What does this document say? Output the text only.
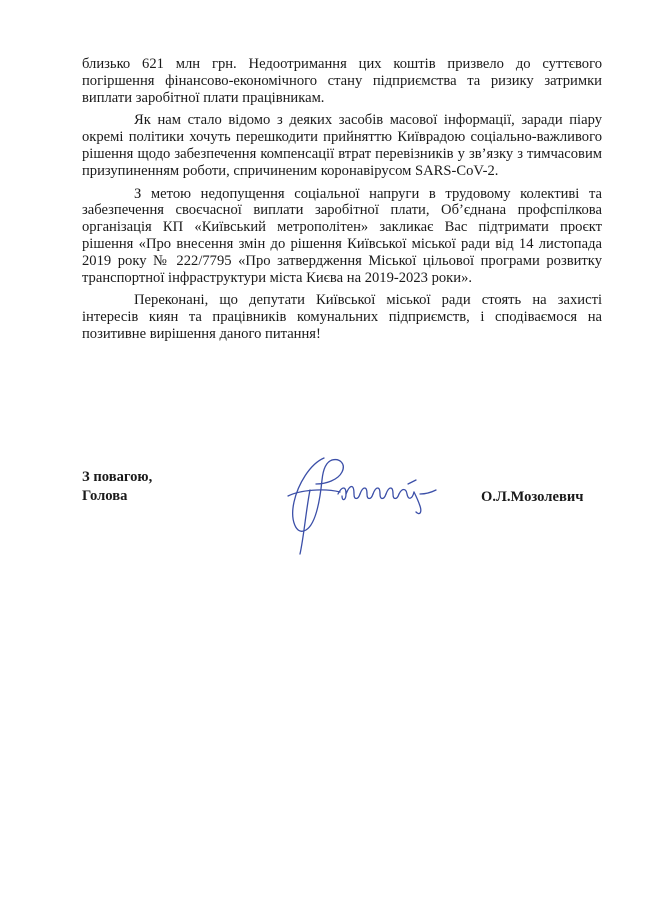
близько 621 млн грн. Недоотримання цих коштів призвело до суттєвого погіршення фінансово-економічного стану підприємства та ризику затримки виплати заробітної плати працівникам.

Як нам стало відомо з деяких засобів масової інформації, заради піару окремі політики хочуть перешкодити прийняттю Київрадою соціально-важливого рішення щодо забезпечення компенсації втрат перевізників у зв’язку з тимчасовим призупиненням роботи, спричиненим коронавірусом SARS-CoV-2.

З метою недопущення соціальної напруги в трудовому колективі та забезпечення своєчасної виплати заробітної плати, Об’єднана профспілкова організація КП «Київський метрополітен» закликає Вас підтримати проєкт рішення «Про внесення змін до рішення Київської міської ради від 14 листопада 2019 року № 222/7795 «Про затвердження Міської цільової програми розвитку транспортної інфраструктури міста Києва на 2019-2023 роки».

Переконані, що депутати Київської міської ради стоять на захисті інтересів киян та працівників комунальних підприємств, і сподіваємося на позитивне вирішення даного питання!

З повагою,
Голова	О.Л.Мозолевич
